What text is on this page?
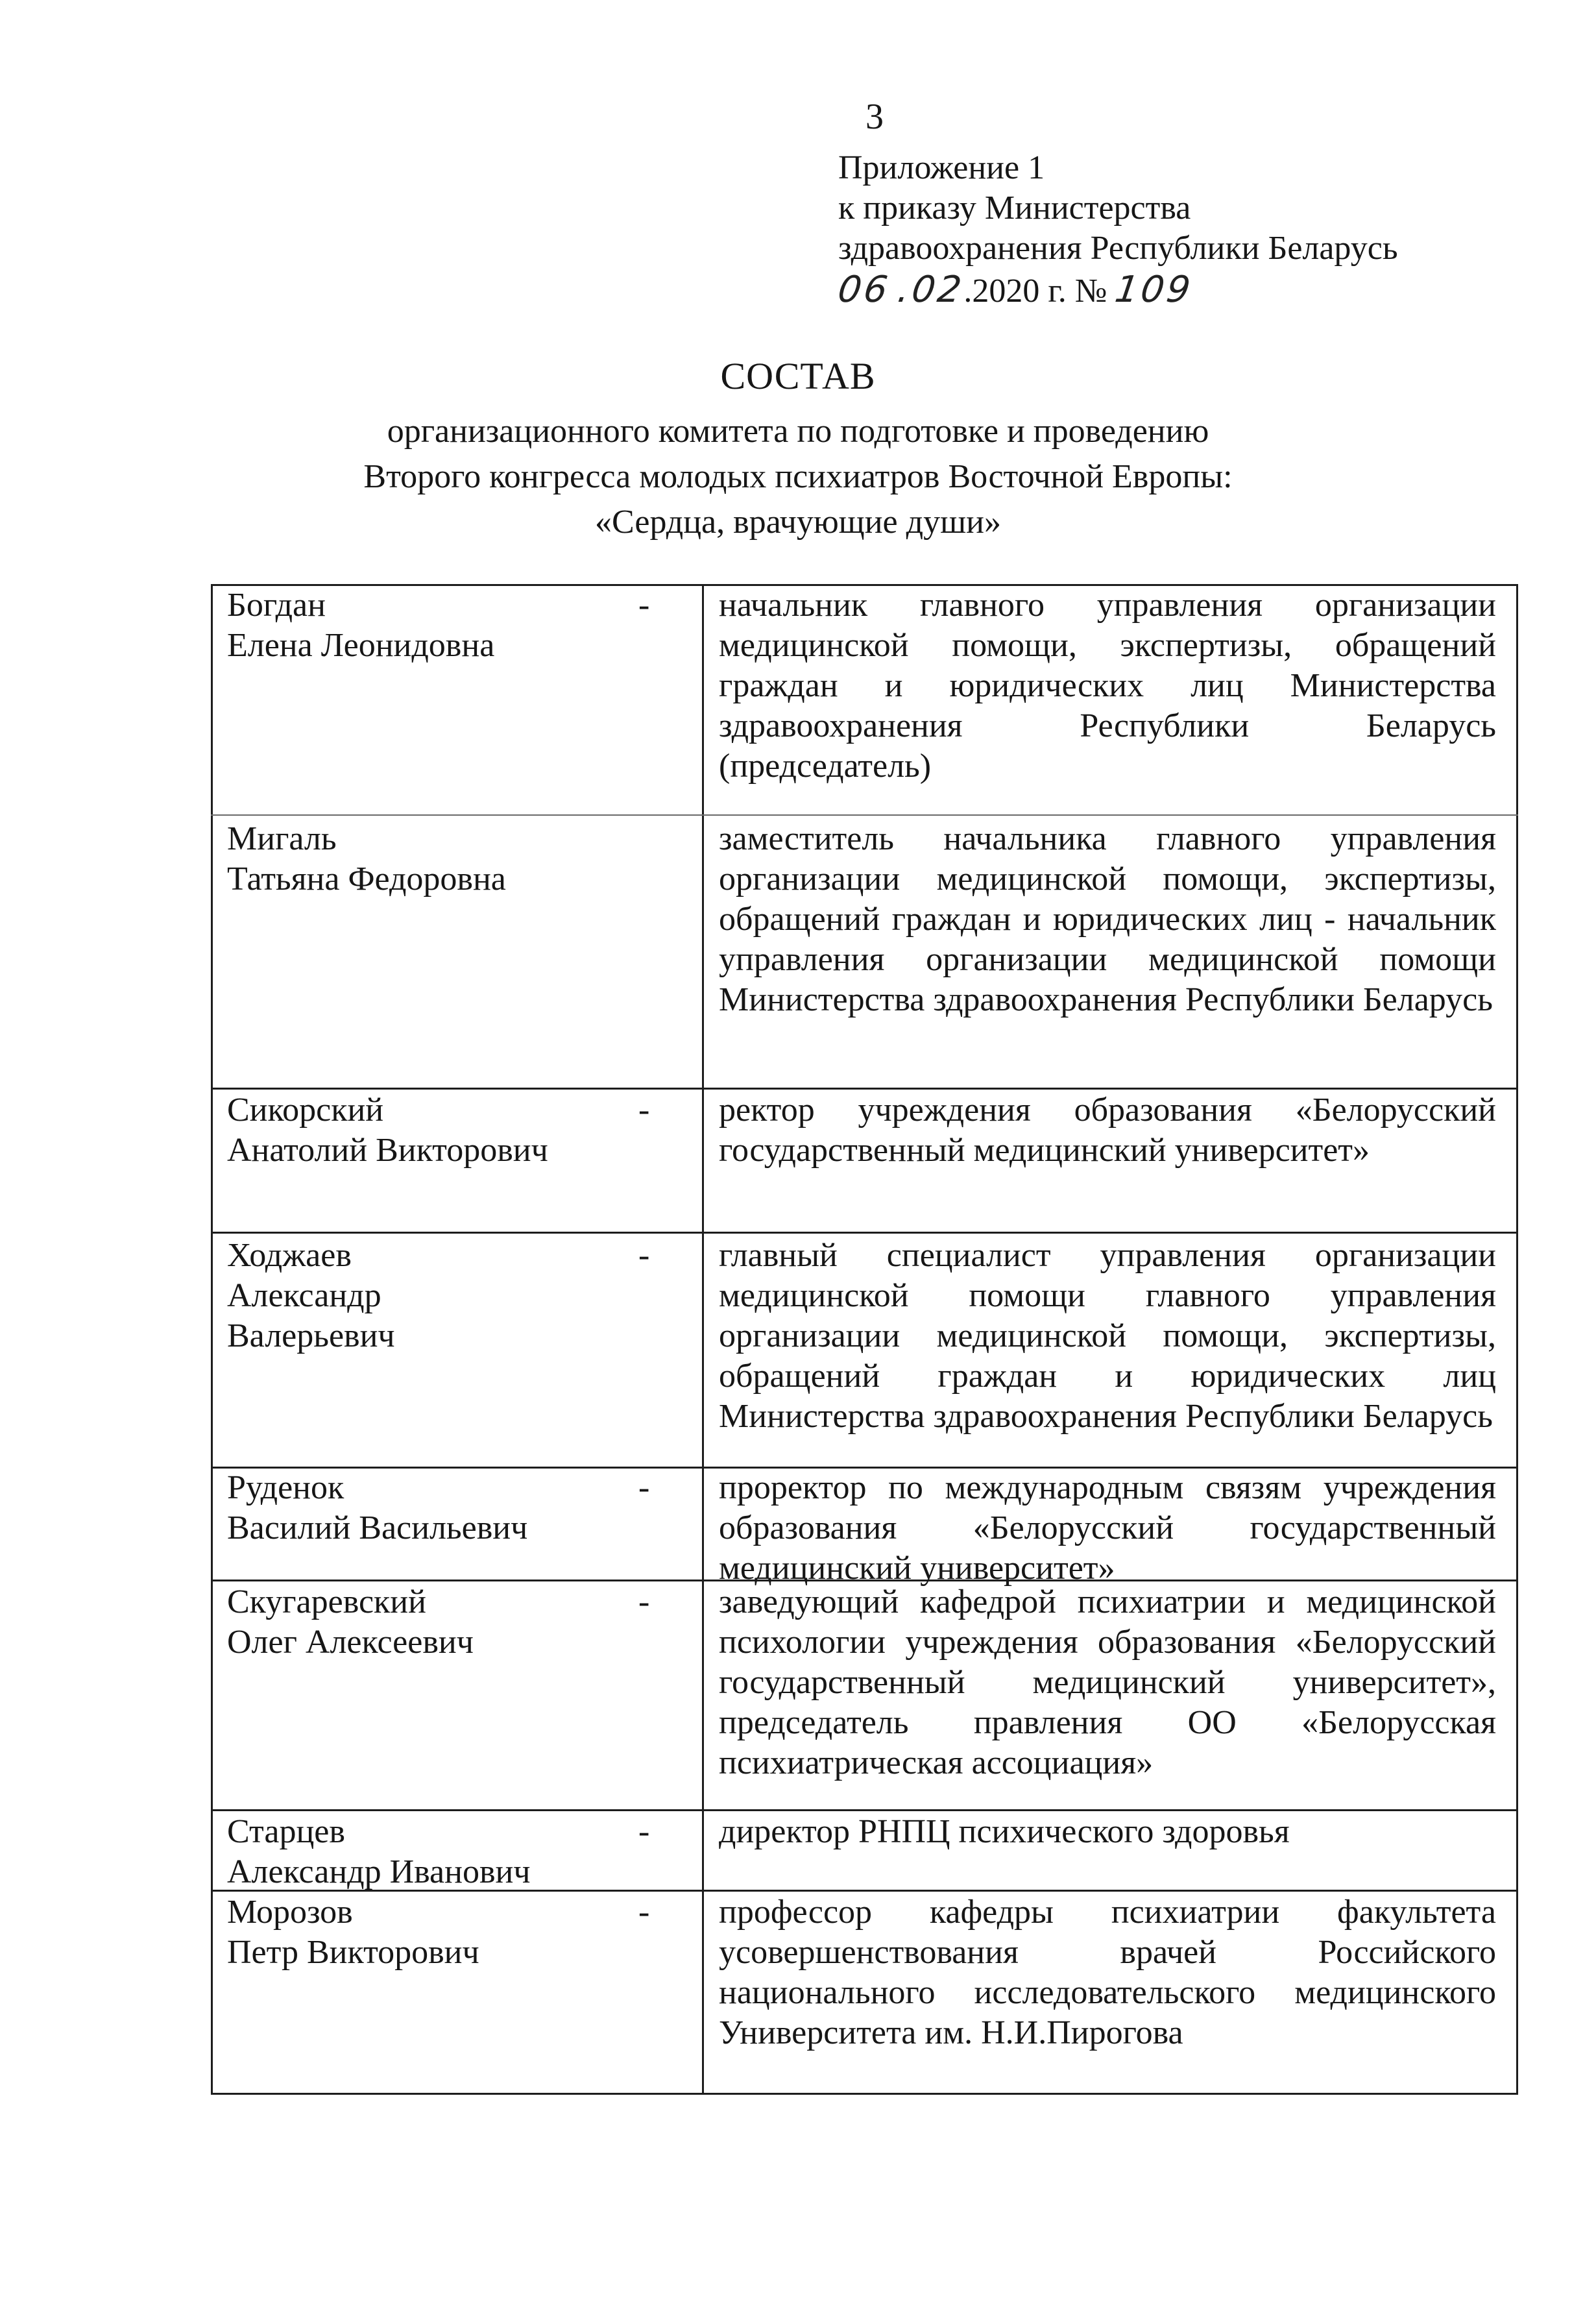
3
Приложение 1
к приказу Министерства
здравоохранения Республики Беларусь
06 .02.2020 г. № 109
СОСТАВ
организационного комитета по подготовке и проведению
Второго конгресса молодых психиатров Восточной Европы:
«Сердца, врачующие души»
Богдан
Елена Леонидовна
- начальник главного управления организации медицинской помощи, экспертизы, обращений граждан и юридических лиц Министерства здравоохранения Республики Беларусь (председатель)
Мигаль
Татьяна Федоровна
заместитель начальника главного управления организации медицинской помощи, экспертизы, обращений граждан и юридических лиц - начальник управления организации медицинской помощи Министерства здравоохранения Республики Беларусь
Сикорский
Анатолий Викторович
- ректор учреждения образования «Белорусский государственный медицинский университет»
Ходжаев
Александр
Валерьевич
- главный специалист управления организации медицинской помощи главного управления организации медицинской помощи, экспертизы, обращений граждан и юридических лиц Министерства здравоохранения Республики Беларусь
Руденок
Василий Васильевич
- проректор по международным связям учреждения образования «Белорусский государственный медицинский университет»
Скугаревский
Олег Алексеевич
- заведующий кафедрой психиатрии и медицинской психологии учреждения образования «Белорусский государственный медицинский университет», председатель правления ОО «Белорусская психиатрическая ассоциация»
Старцев
Александр Иванович
- директор РНПЦ психического здоровья
Морозов
Петр Викторович
- профессор кафедры психиатрии факультета усовершенствования врачей Российского национального исследовательского медицинского Университета им. Н.И.Пирогова
